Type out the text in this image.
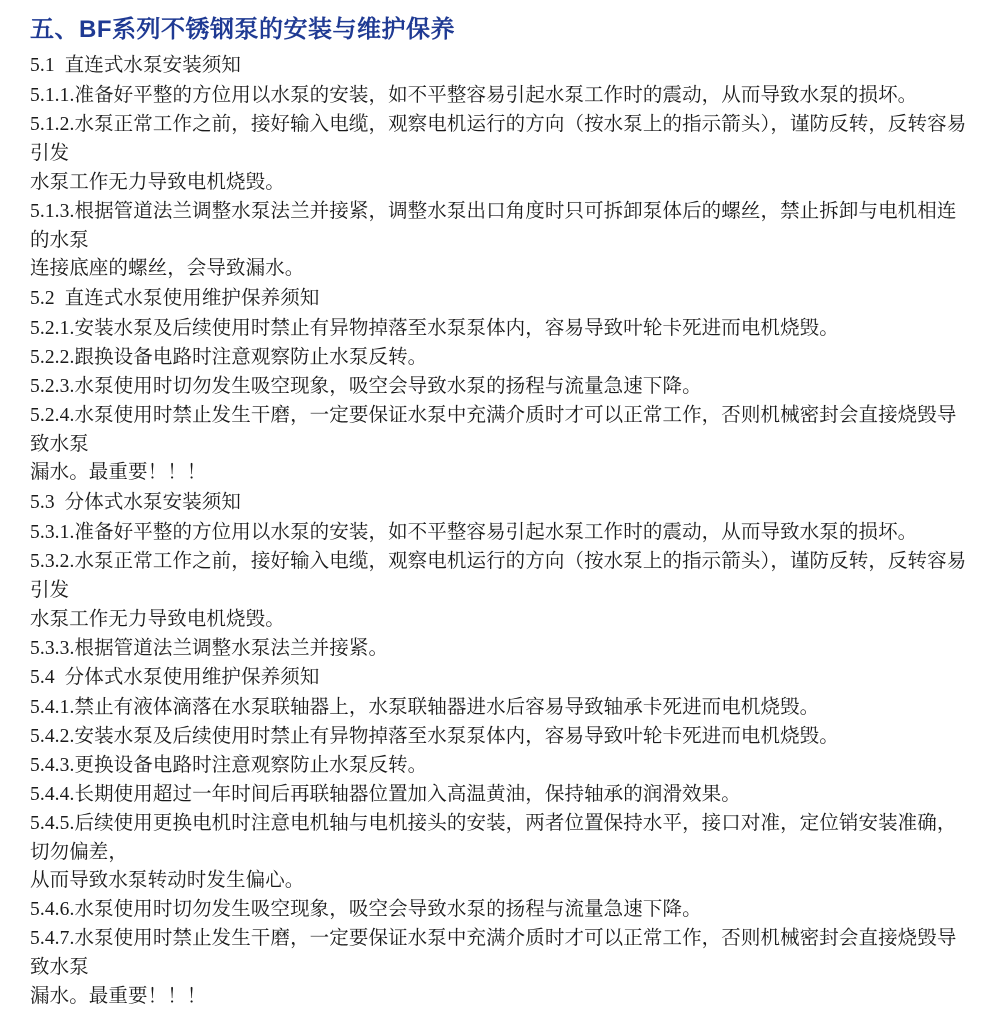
五、BF系列不锈钢泵的安装与维护保养

5.1  直连式水泵安装须知

5.1.1.准备好平整的方位用以水泵的安装，如不平整容易引起水泵工作时的震动，从而导致水泵的损坏。

5.1.2.水泵正常工作之前，接好输入电缆，观察电机运行的方向（按水泵上的指示箭头），谨防反转，反转容易引发

水泵工作无力导致电机烧毁。

5.1.3.根据管道法兰调整水泵法兰并接紧，调整水泵出口角度时只可拆卸泵体后的螺丝，禁止拆卸与电机相连的水泵

连接底座的螺丝，会导致漏水。

5.2  直连式水泵使用维护保养须知

5.2.1.安装水泵及后续使用时禁止有异物掉落至水泵泵体内，容易导致叶轮卡死进而电机烧毁。

5.2.2.跟换设备电路时注意观察防止水泵反转。

5.2.3.水泵使用时切勿发生吸空现象，吸空会导致水泵的扬程与流量急速下降。

5.2.4.水泵使用时禁止发生干磨，一定要保证水泵中充满介质时才可以正常工作，否则机械密封会直接烧毁导致水泵

漏水。最重要！！！

5.3  分体式水泵安装须知

5.3.1.准备好平整的方位用以水泵的安装，如不平整容易引起水泵工作时的震动，从而导致水泵的损坏。

5.3.2.水泵正常工作之前，接好输入电缆，观察电机运行的方向（按水泵上的指示箭头），谨防反转，反转容易引发

水泵工作无力导致电机烧毁。

5.3.3.根据管道法兰调整水泵法兰并接紧。

5.4  分体式水泵使用维护保养须知

5.4.1.禁止有液体滴落在水泵联轴器上，水泵联轴器进水后容易导致轴承卡死进而电机烧毁。

5.4.2.安装水泵及后续使用时禁止有异物掉落至水泵泵体内，容易导致叶轮卡死进而电机烧毁。

5.4.3.更换设备电路时注意观察防止水泵反转。

5.4.4.长期使用超过一年时间后再联轴器位置加入高温黄油，保持轴承的润滑效果。

5.4.5.后续使用更换电机时注意电机轴与电机接头的安装，两者位置保持水平，接口对准，定位销安装准确，切勿偏差，

从而导致水泵转动时发生偏心。

5.4.6.水泵使用时切勿发生吸空现象，吸空会导致水泵的扬程与流量急速下降。

5.4.7.水泵使用时禁止发生干磨，一定要保证水泵中充满介质时才可以正常工作，否则机械密封会直接烧毁导致水泵

漏水。最重要！！！
